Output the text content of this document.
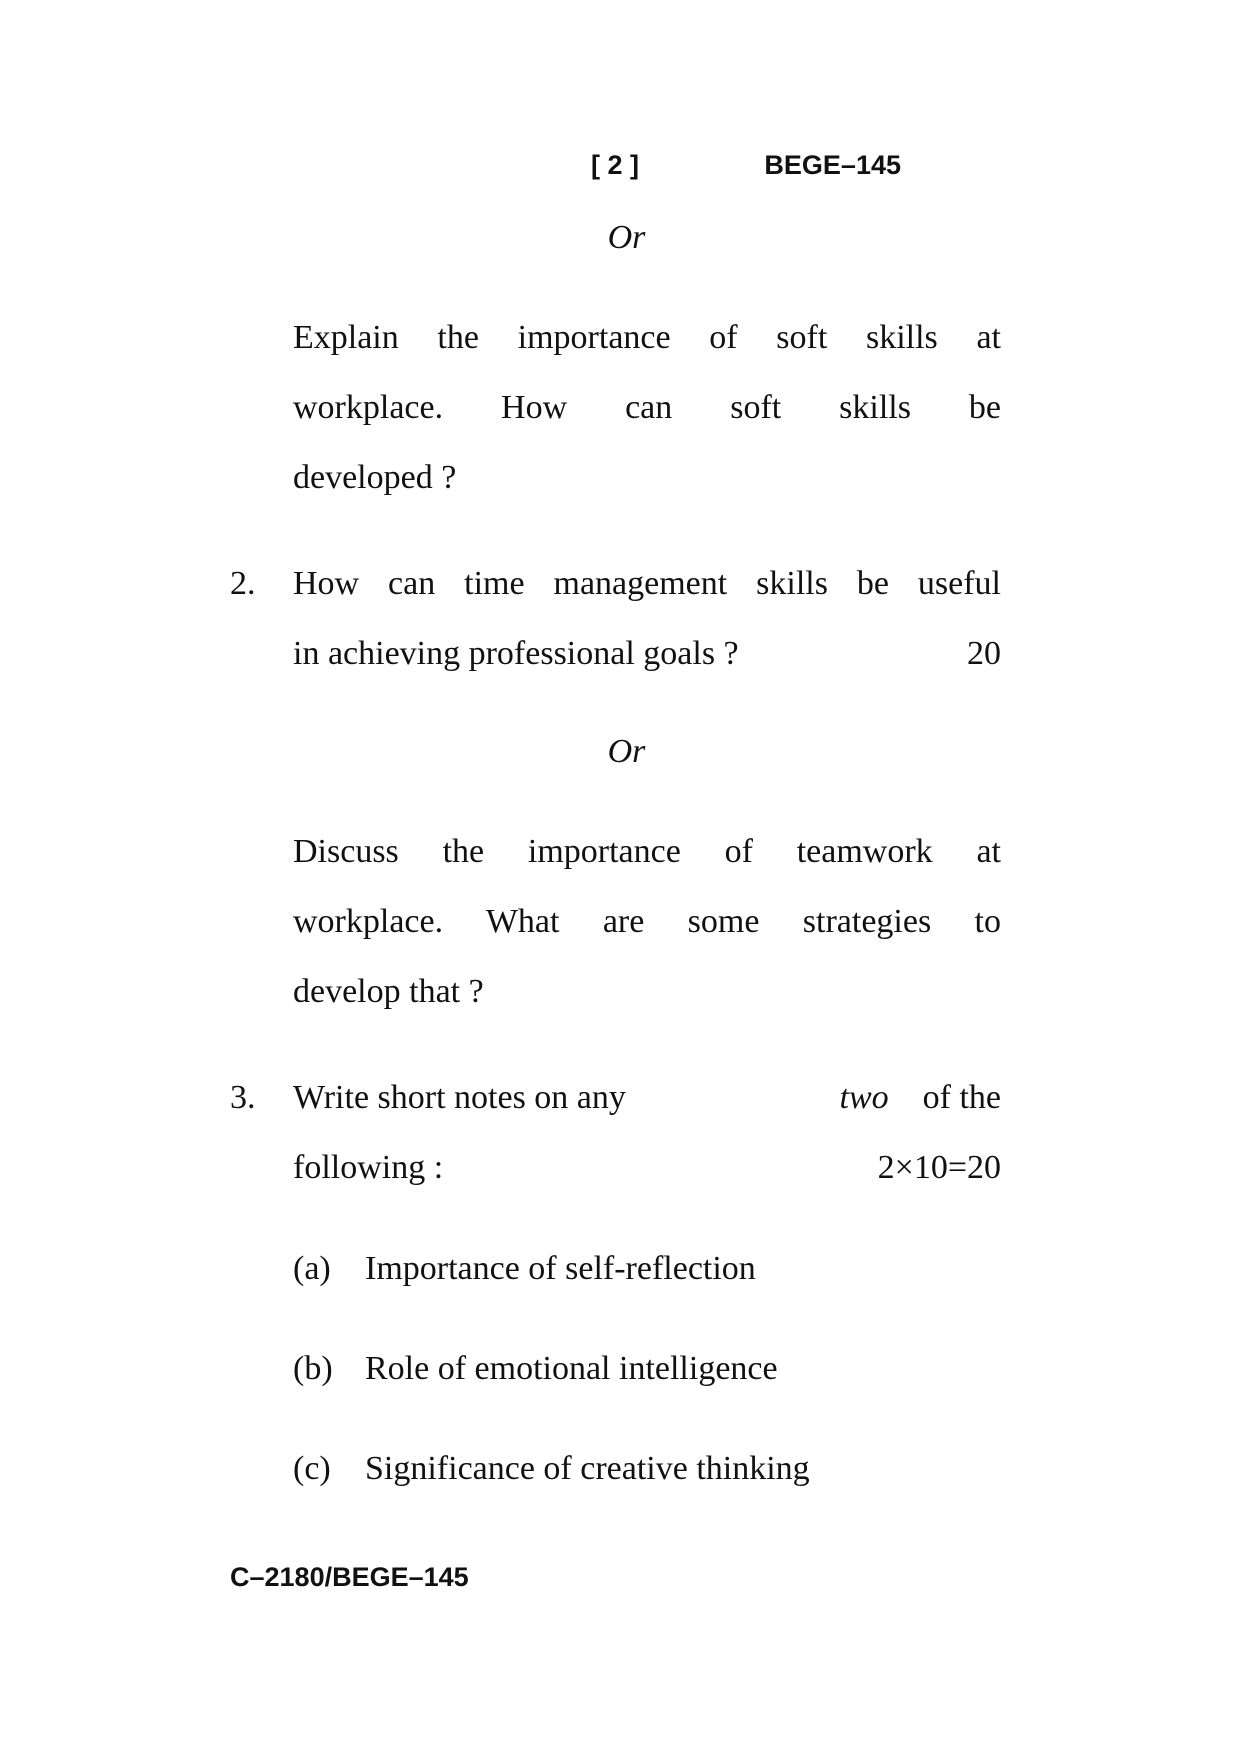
[ 2 ]	BEGE–145
Or
Explain the importance of soft skills at
workplace. How can soft skills be
developed ?
2. How can time management skills be useful
in achieving professional goals ?	20
Or
Discuss the importance of teamwork at
workplace. What are some strategies to
develop that ?
3. Write short notes on any	two of the
following :	2×10=20
(a) Importance of self-reflection
(b) Role of emotional intelligence
(c) Significance of creative thinking
C–2180/BEGE–145
